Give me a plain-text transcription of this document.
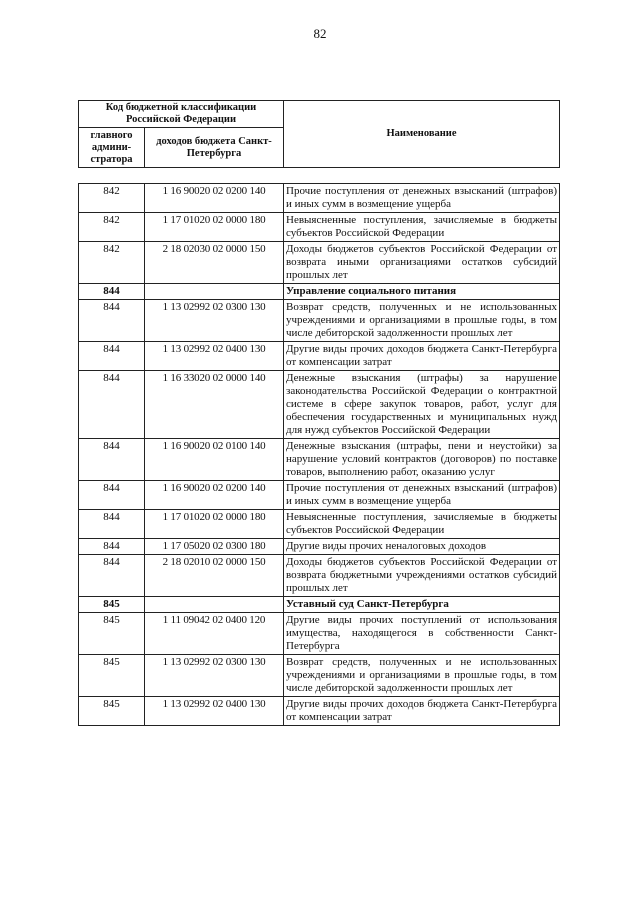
82
Код бюджетной классификации Российской Федерации		Наименование
главного админи-стратора	доходов бюджета Санкт-Петербурга	
842	1 16 90020 02 0200 140	Прочие поступления от денежных взысканий (штрафов) и иных сумм в возмещение ущерба
842	1 17 01020 02 0000 180	Невыясненные поступления, зачисляемые в бюджеты субъектов Российской Федерации
842	2 18 02030 02 0000 150	Доходы бюджетов субъектов Российской Федерации от возврата иными организациями остатков субсидий прошлых лет
844		Управление социального питания
844	1 13 02992 02 0300 130	Возврат средств, полученных и не использованных учреждениями и организациями в прошлые годы, в том числе дебиторской задолженности прошлых лет
844	1 13 02992 02 0400 130	Другие виды прочих доходов бюджета Санкт-Петербурга от компенсации затрат
844	1 16 33020 02 0000 140	Денежные взыскания (штрафы) за нарушение законодательства Российской Федерации о контрактной системе в сфере закупок товаров, работ, услуг для обеспечения государственных и муниципальных нужд для нужд субъектов Российской Федерации
844	1 16 90020 02 0100 140	Денежные взыскания (штрафы, пени и неустойки) за нарушение условий контрактов (договоров) по поставке товаров, выполнению работ, оказанию услуг
844	1 16 90020 02 0200 140	Прочие поступления от денежных взысканий (штрафов) и иных сумм в возмещение ущерба
844	1 17 01020 02 0000 180	Невыясненные поступления, зачисляемые в бюджеты субъектов Российской Федерации
844	1 17 05020 02 0300 180	Другие виды прочих неналоговых доходов
844	2 18 02010 02 0000 150	Доходы бюджетов субъектов Российской Федерации от возврата бюджетными учреждениями остатков субсидий прошлых лет
845		Уставный суд Санкт-Петербурга
845	1 11 09042 02 0400 120	Другие виды прочих поступлений от использования имущества, находящегося в собственности Санкт-Петербурга
845	1 13 02992 02 0300 130	Возврат средств, полученных и не использованных учреждениями и организациями в прошлые годы, в том числе дебиторской задолженности прошлых лет
845	1 13 02992 02 0400 130	Другие виды прочих доходов бюджета Санкт-Петербурга от компенсации затрат
